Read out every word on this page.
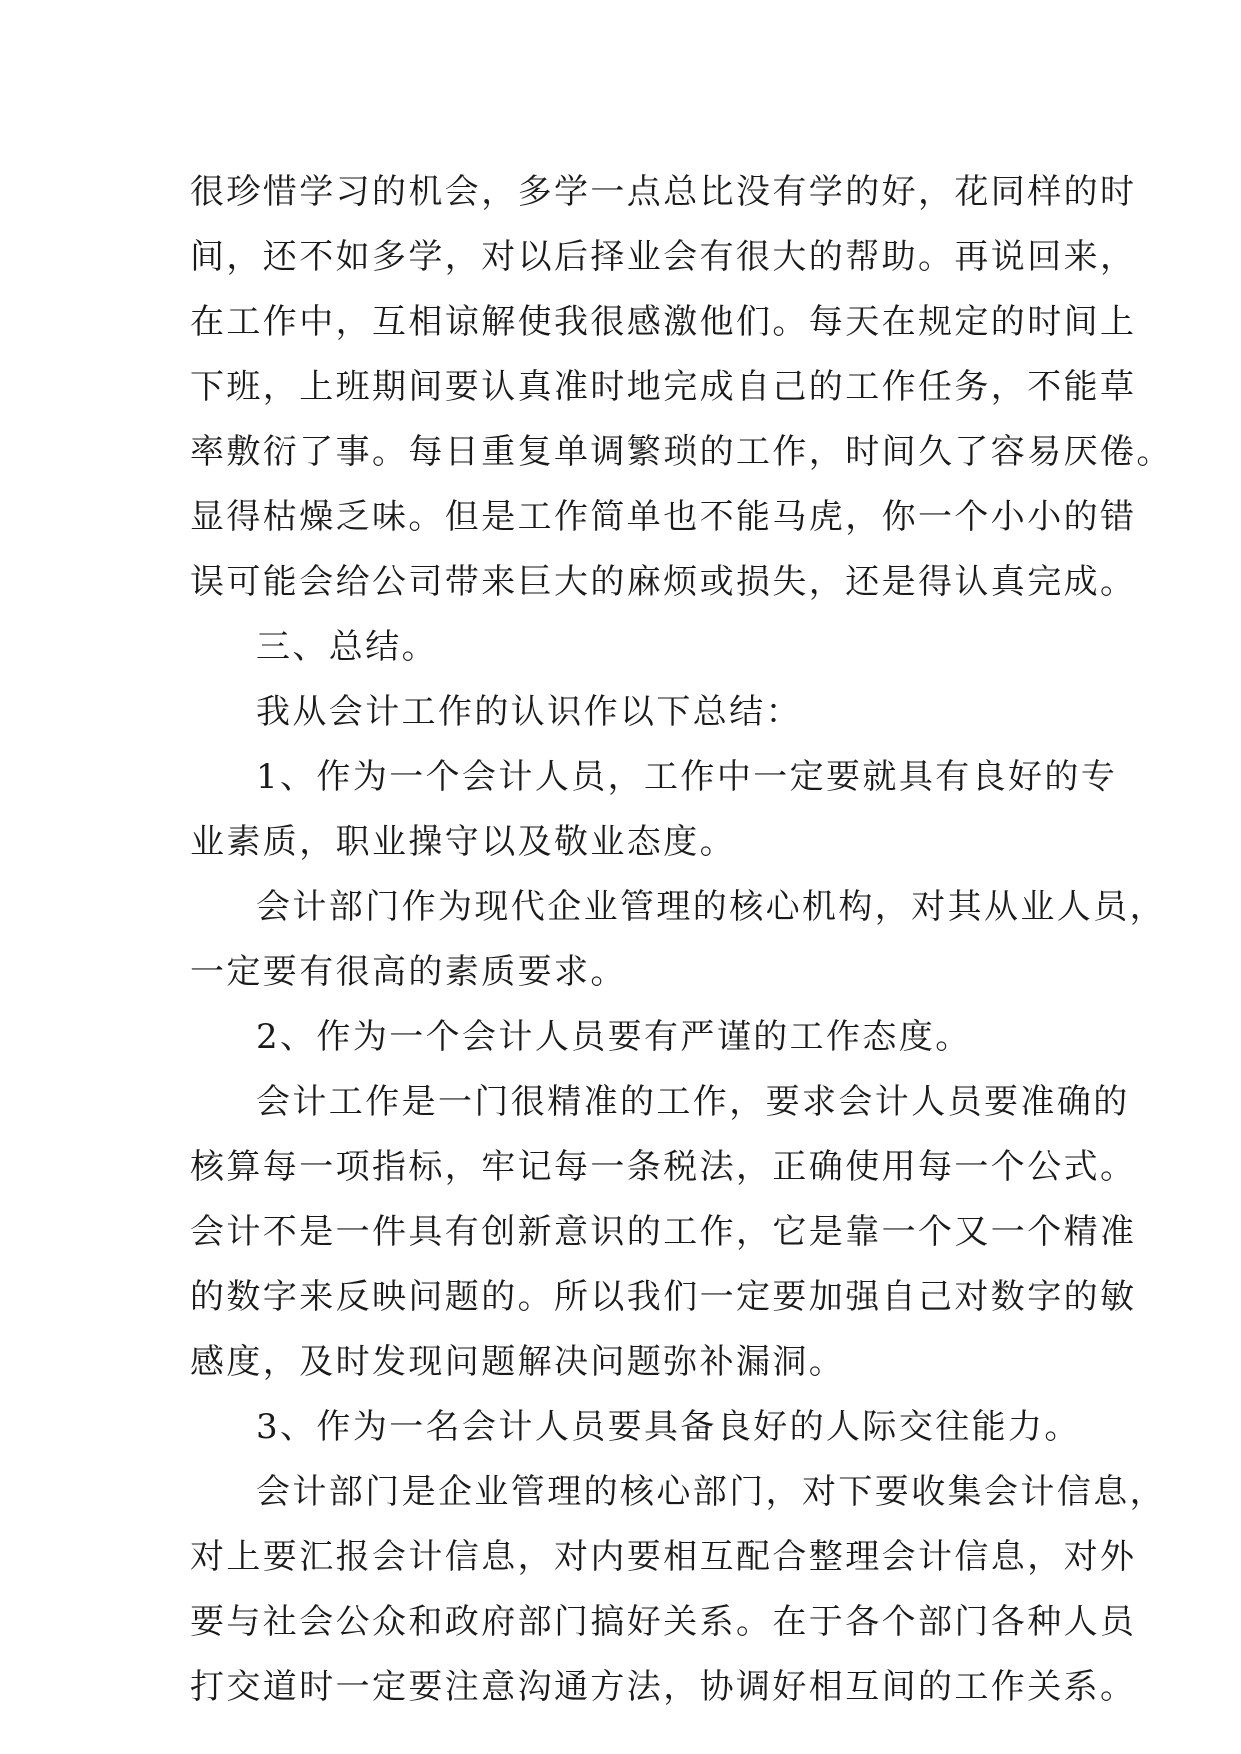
很珍惜学习的机会，多学一点总比没有学的好，花同样的时
间，还不如多学，对以后择业会有很大的帮助。再说回来，
在工作中，互相谅解使我很感激他们。每天在规定的时间上
下班，上班期间要认真准时地完成自己的工作任务，不能草
率敷衍了事。每日重复单调繁琐的工作，时间久了容易厌倦。
显得枯燥乏味。但是工作简单也不能马虎，你一个小小的错
误可能会给公司带来巨大的麻烦或损失，还是得认真完成。
三、总结。
我从会计工作的认识作以下总结：
1、作为一个会计人员，工作中一定要就具有良好的专
业素质，职业操守以及敬业态度。
会计部门作为现代企业管理的核心机构，对其从业人员，
一定要有很高的素质要求。
2、作为一个会计人员要有严谨的工作态度。
会计工作是一门很精准的工作，要求会计人员要准确的
核算每一项指标，牢记每一条税法，正确使用每一个公式。
会计不是一件具有创新意识的工作，它是靠一个又一个精准
的数字来反映问题的。所以我们一定要加强自己对数字的敏
感度，及时发现问题解决问题弥补漏洞。
3、作为一名会计人员要具备良好的人际交往能力。
会计部门是企业管理的核心部门，对下要收集会计信息，
对上要汇报会计信息，对内要相互配合整理会计信息，对外
要与社会公众和政府部门搞好关系。在于各个部门各种人员
打交道时一定要注意沟通方法，协调好相互间的工作关系。
